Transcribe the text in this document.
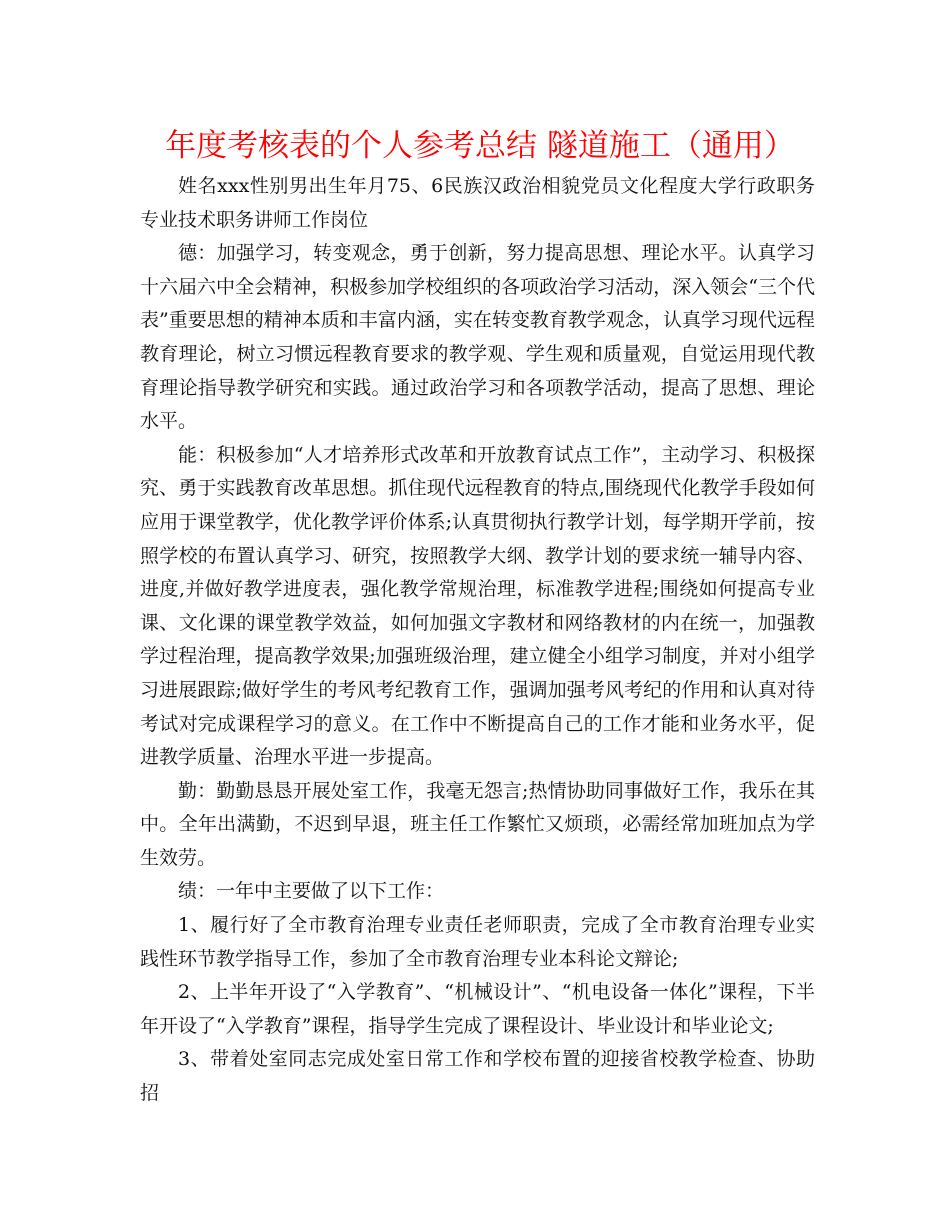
年度考核表的个人参考总结 隧道施工（通用）

姓名xxx性别男出生年月75、6民族汉政治相貌党员文化程度大学行政职务专业技术职务讲师工作岗位

德：加强学习，转变观念，勇于创新，努力提高思想、理论水平。认真学习十六届六中全会精神，积极参加学校组织的各项政治学习活动，深入领会“三个代表”重要思想的精神本质和丰富内涵，实在转变教育教学观念，认真学习现代远程教育理论，树立习惯远程教育要求的教学观、学生观和质量观，自觉运用现代教育理论指导教学研究和实践。通过政治学习和各项教学活动，提高了思想、理论水平。

能：积极参加“人才培养形式改革和开放教育试点工作”，主动学习、积极探究、勇于实践教育改革思想。抓住现代远程教育的特点,围绕现代化教学手段如何应用于课堂教学，优化教学评价体系;认真贯彻执行教学计划，每学期开学前，按照学校的布置认真学习、研究，按照教学大纲、教学计划的要求统一辅导内容、进度,并做好教学进度表，强化教学常规治理，标准教学进程;围绕如何提高专业课、文化课的课堂教学效益，如何加强文字教材和网络教材的内在统一，加强教学过程治理，提高教学效果;加强班级治理，建立健全小组学习制度，并对小组学习进展跟踪;做好学生的考风考纪教育工作，强调加强考风考纪的作用和认真对待考试对完成课程学习的意义。在工作中不断提高自己的工作才能和业务水平，促进教学质量、治理水平进一步提高。

勤：勤勤恳恳开展处室工作，我毫无怨言;热情协助同事做好工作，我乐在其中。全年出满勤，不迟到早退，班主任工作繁忙又烦琐，必需经常加班加点为学生效劳。

绩：一年中主要做了以下工作：

1、履行好了全市教育治理专业责任老师职责，完成了全市教育治理专业实践性环节教学指导工作，参加了全市教育治理专业本科论文辩论;

2、上半年开设了“入学教育”、“机械设计”、“机电设备一体化”课程，下半年开设了“入学教育”课程，指导学生完成了课程设计、毕业设计和毕业论文;

3、带着处室同志完成处室日常工作和学校布置的迎接省校教学检查、协助招
